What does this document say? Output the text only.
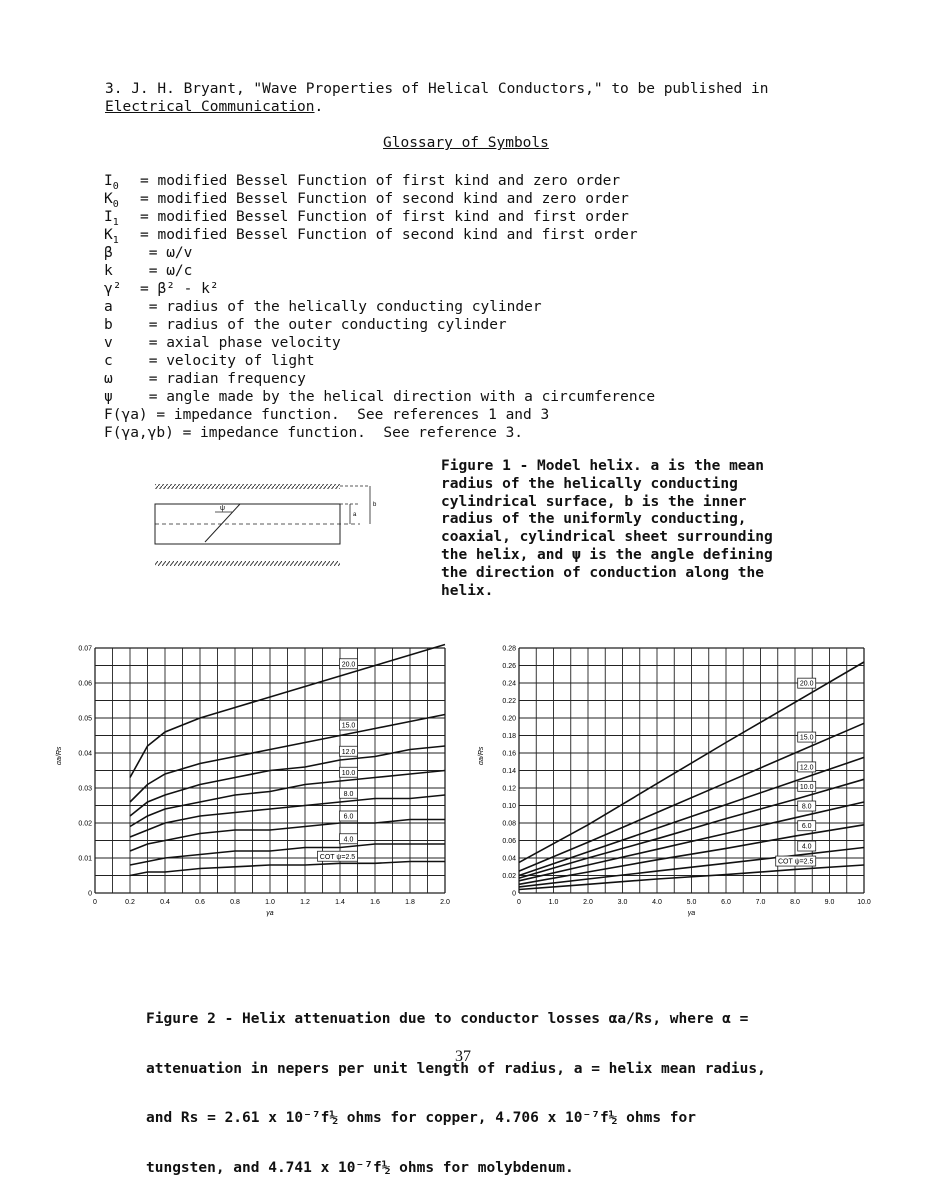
3. J. H. Bryant, "Wave Properties of Helical Conductors," to be published in
Electrical Communication.
Glossary of Symbols
$I_0$ = modified Bessel Function of first kind and zero order
$K_0$ = modified Bessel Function of second kind and zero order
$I_1$ = modified Bessel Function of first kind and first order
$K_1$ = modified Bessel Function of second kind and first order
β = ω/v
k = ω/c
γ² = β² - k²
a = radius of the helically conducting cylinder
b = radius of the outer conducting cylinder
v = axial phase velocity
c = velocity of light
ω = radian frequency
ψ = angle made by the helical direction with a circumference
F(γa) = impedance function.  See references 1 and 3
F(γa,γb) = impedance function.  See reference 3.
a
b
ψ
Figure 1 - Model helix. a is the mean radius of the helically conducting cylindrical surface, b is the inner radius of the uniformly conducting, coaxial, cylindrical sheet surrounding the helix, and ψ is the angle defining the direction of conduction along the helix.
0	0.2	0.4	0.6	0.8	1.0	1.2	1.4	1.6	1.8	2.0
0
0.01
0.02
0.03
0.04
0.05
0.06
0.07
γa
αa/Rs
20.0
15.0
12.0
10.0
8.0
6.0
4.0
COT ψ=2.5
0	1.0	2.0	3.0	4.0	5.0	6.0	7.0	8.0	9.0	10.0
0
0.02
0.04
0.06
0.08
0.10
0.12
0.14
0.16
0.18
0.20
0.22
0.24
0.26
0.28
γa
αa/Rs
20.0
15.0
12.0
10.0
8.0
6.0
4.0
COT ψ=2.5

Figure 2 - Helix attenuation due to conductor losses αa/Rs, where α =

attenuation in nepers per unit length of radius, a = helix mean radius,

and Rs = 2.61 x 10⁻⁷f½ ohms for copper, 4.706 x 10⁻⁷f½ ohms for

tungsten, and 4.741 x 10⁻⁷f½ ohms for molybdenum.

37
